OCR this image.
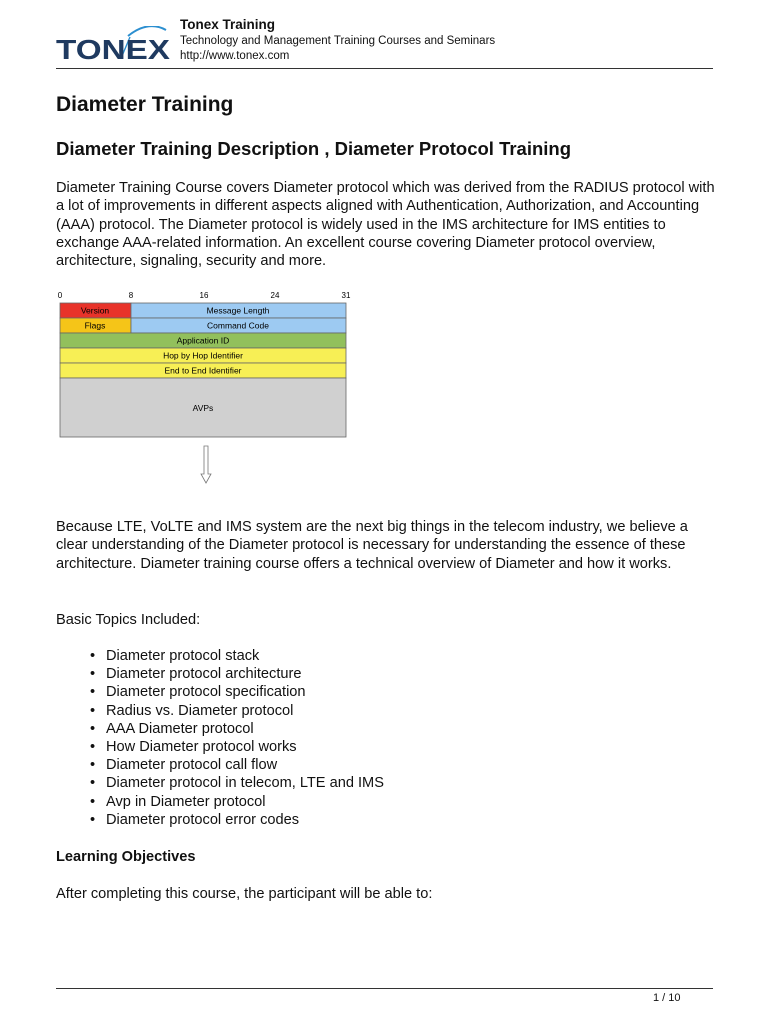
TONEX
Tonex Training
Technology and Management Training Courses and Seminars
http://www.tonex.com
Diameter Training
Diameter Training Description , Diameter Protocol Training

Diameter Training Course covers Diameter protocol which was derived from the RADIUS protocol with a lot of improvements in different aspects aligned with Authentication, Authorization, and Accounting (AAA) protocol. The Diameter protocol is widely used in the IMS architecture for IMS entities to exchange AAA-related information. An excellent course covering Diameter protocol overview, architecture, signaling, security and more.

0	8	16	24	31
Version	Message Length
Flags	Command Code
Application ID
Hop by Hop Identifier
End to End Identifier
AVPs

Because LTE, VoLTE and IMS system are the next big things in the telecom industry, we believe a clear understanding of the Diameter protocol is necessary for understanding the essence of these architecture. Diameter training course offers a technical overview of Diameter and how it works.

Basic Topics Included:

• Diameter protocol stack
• Diameter protocol architecture
• Diameter protocol specification
• Radius vs. Diameter protocol
• AAA Diameter protocol
• How Diameter protocol works
• Diameter protocol call flow
• Diameter protocol in telecom, LTE and IMS
• Avp in Diameter protocol
• Diameter protocol error codes
Learning Objectives

After completing this course, the participant will be able to:

1 / 10
